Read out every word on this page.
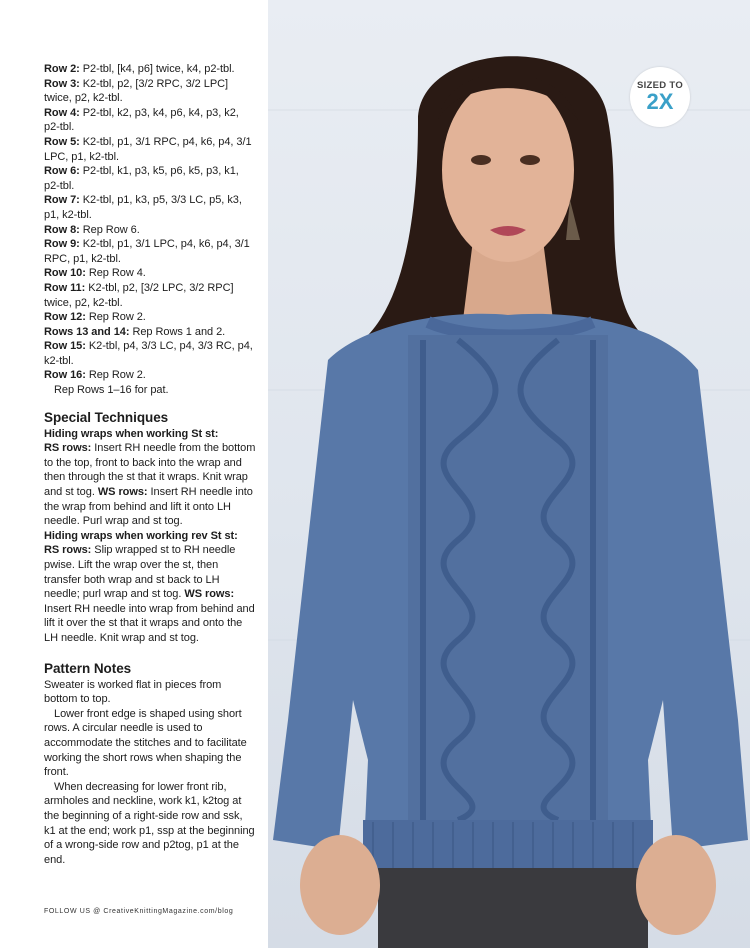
Row 2: P2-tbl, [k4, p6] twice, k4, p2-tbl.

Row 3: K2-tbl, p2, [3/2 RPC, 3/2 LPC] twice, p2, k2-tbl.

Row 4: P2-tbl, k2, p3, k4, p6, k4, p3, k2, p2-tbl.

Row 5: K2-tbl, p1, 3/1 RPC, p4, k6, p4, 3/1 LPC, p1, k2-tbl.

Row 6: P2-tbl, k1, p3, k5, p6, k5, p3, k1, p2-tbl.

Row 7: K2-tbl, p1, k3, p5, 3/3 LC, p5, k3, p1, k2-tbl.

Row 8: Rep Row 6.

Row 9: K2-tbl, p1, 3/1 LPC, p4, k6, p4, 3/1 RPC, p1, k2-tbl.

Row 10: Rep Row 4.

Row 11: K2-tbl, p2, [3/2 LPC, 3/2 RPC] twice, p2, k2-tbl.

Row 12: Rep Row 2.

Rows 13 and 14: Rep Rows 1 and 2.

Row 15: K2-tbl, p4, 3/3 LC, p4, 3/3 RC, p4, k2-tbl.

Row 16: Rep Row 2.

Rep Rows 1–16 for pat.

Special Techniques

Hiding wraps when working St st:

RS rows: Insert RH needle from the bottom to the top, front to back into the wrap and then through the st that it wraps. Knit wrap and st tog. WS rows: Insert RH needle into the wrap from behind and lift it onto LH needle. Purl wrap and st tog.

Hiding wraps when working rev St st:

RS rows: Slip wrapped st to RH needle pwise. Lift the wrap over the st, then transfer both wrap and st back to LH needle; purl wrap and st tog. WS rows: Insert RH needle into wrap from behind and lift it over the st that it wraps and onto the LH needle. Knit wrap and st tog.

Pattern Notes

Sweater is worked flat in pieces from bottom to top.

Lower front edge is shaped using short rows. A circular needle is used to accommodate the stitches and to facilitate working the short rows when shaping the front.

When decreasing for lower front rib, armholes and neckline, work k1, k2tog at the beginning of a right-side row and ssk, k1 at the end; work p1, ssp at the beginning of a wrong-side row and p2tog, p1 at the end.

FOLLOW US @ CreativeKnittingMagazine.com/blog
SIZED TO
2X
